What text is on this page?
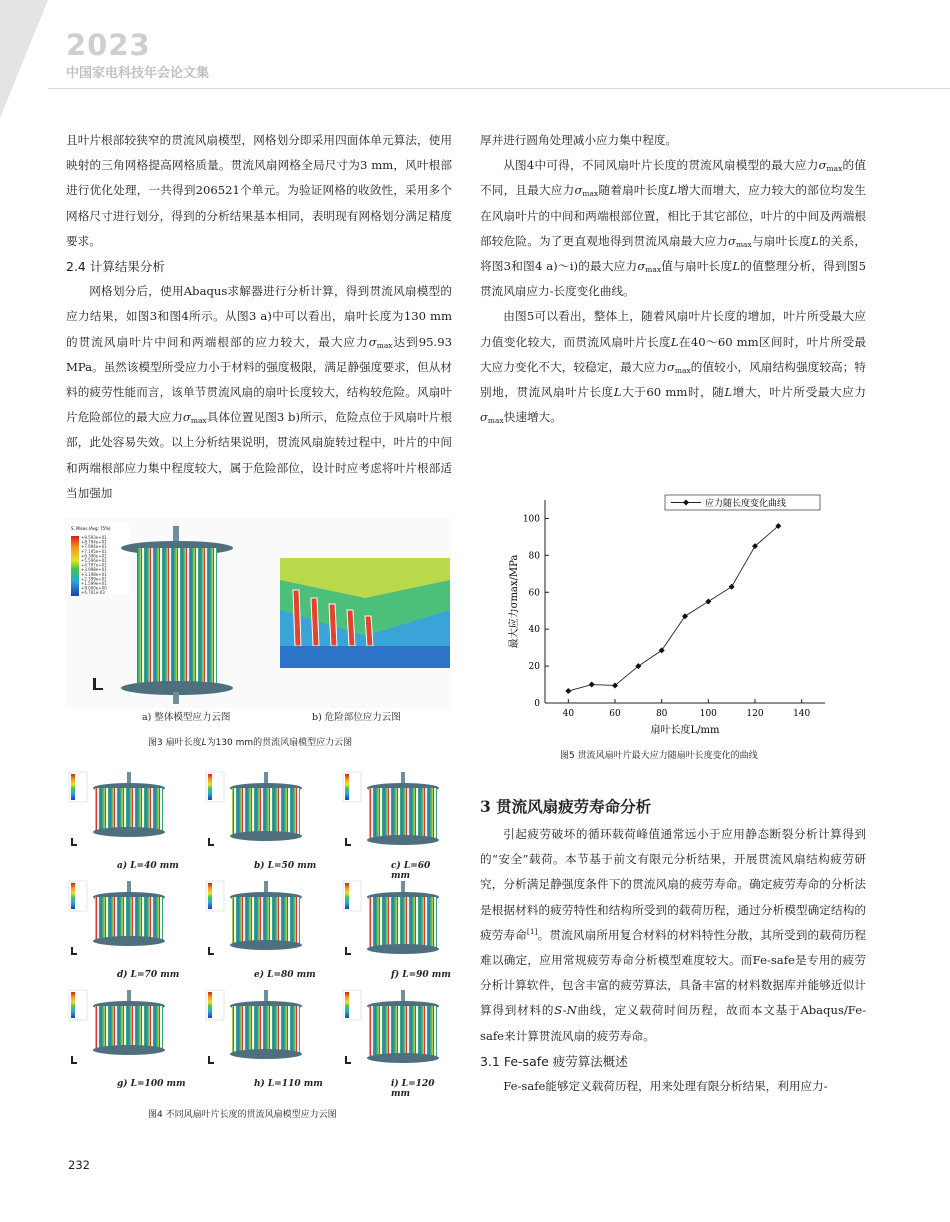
2023
中国家电科技年会论文集

且叶片根部较狭窄的贯流风扇模型，网格划分即采用四面体单元算法，使用映射的三角网格提高网格质量。贯流风扇网格全局尺寸为3 mm，风叶根部进行优化处理，一共得到206521个单元。为验证网格的收敛性，采用多个网格尺寸进行划分，得到的分析结果基本相同，表明现有网格划分满足精度要求。

2.4 计算结果分析

网格划分后，使用Abaqus求解器进行分析计算，得到贯流风扇模型的应力结果，如图3和图4所示。从图3 a)中可以看出，扇叶长度为130 mm的贯流风扇叶片中间和两端根部的应力较大，最大应力$\sigma_{max}$达到95.93 MPa。虽然该模型所受应力小于材料的强度极限，满足静强度要求，但从材料的疲劳性能而言，该单节贯流风扇的扇叶长度较大，结构较危险。风扇叶片危险部位的最大应力$\sigma_{max}$具体位置见图3 b)所示，危险点位于风扇叶片根部，此处容易失效。以上分析结果说明，贯流风扇旋转过程中，叶片的中间和两端根部应力集中程度较大，属于危险部位，设计时应考虑将叶片根部适当加强加

S, Mises (Avg: 75%)
+9.593e+01
+8.794e+01
+7.994e+01
+7.195e+01
+6.396e+01
+5.596e+01
+4.797e+01
+3.998e+01
+3.198e+01
+2.399e+01
+1.599e+01
+8.000e+00
+6.761e-03
a) 整体模型应力云图	b) 危险部位应力云图
图3 扇叶长度L为130 mm的贯流风扇模型应力云图
a) L=40 mm	b) L=50 mm	c) L=60 mm
d) L=70 mm	e) L=80 mm	f) L=90 mm
g) L=100 mm	h) L=110 mm	i) L=120 mm
图4 不同风扇叶片长度的贯流风扇模型应力云图

厚并进行圆角处理减小应力集中程度。

从图4中可得，不同风扇叶片长度的贯流风扇模型的最大应力$\sigma_{max}$的值不同，且最大应力$\sigma_{max}$随着扇叶长度L增大而增大，应力较大的部位均发生在风扇叶片的中间和两端根部位置，相比于其它部位，叶片的中间及两端根部较危险。为了更直观地得到贯流风扇最大应力$\sigma_{max}$与扇叶长度L的关系，将图3和图4 a)～i)的最大应力$\sigma_{max}$值与扇叶长度L的值整理分析，得到图5贯流风扇应力-长度变化曲线。

由图5可以看出，整体上，随着风扇叶片长度的增加，叶片所受最大应力值变化较大，而贯流风扇叶片长度L在40～60 mm区间时，叶片所受最大应力变化不大，较稳定，最大应力$\sigma_{max}$的值较小，风扇结构强度较高；特别地，贯流风扇叶片长度L大于60 mm时，随L增大，叶片所受最大应力$\sigma_{max}$快速增大。

40	60	80	100	120	140
0
20
40
60
80
100
扇叶长度L/mm
最大应力σmax/MPa
应力随长度变化曲线
图5 贯流风扇叶片最大应力随扇叶长度变化的曲线

3 贯流风扇疲劳寿命分析

引起疲劳破坏的循环载荷峰值通常远小于应用静态断裂分析计算得到的“安全”载荷。本节基于前文有限元分析结果，开展贯流风扇结构疲劳研究，分析满足静强度条件下的贯流风扇的疲劳寿命。确定疲劳寿命的分析法是根据材料的疲劳特性和结构所受到的载荷历程，通过分析模型确定结构的疲劳寿命[1]。贯流风扇所用复合材料的材料特性分散，其所受到的载荷历程难以确定，应用常规疲劳寿命分析模型难度较大。而Fe-safe是专用的疲劳分析计算软件，包含丰富的疲劳算法，具备丰富的材料数据库并能够近似计算得到材料的S-N曲线，定义载荷时间历程，故而本文基于Abaqus/Fe-safe来计算贯流风扇的疲劳寿命。

3.1 Fe-safe 疲劳算法概述

Fe-safe能够定义载荷历程，用来处理有限分析结果，利用应力-

232
